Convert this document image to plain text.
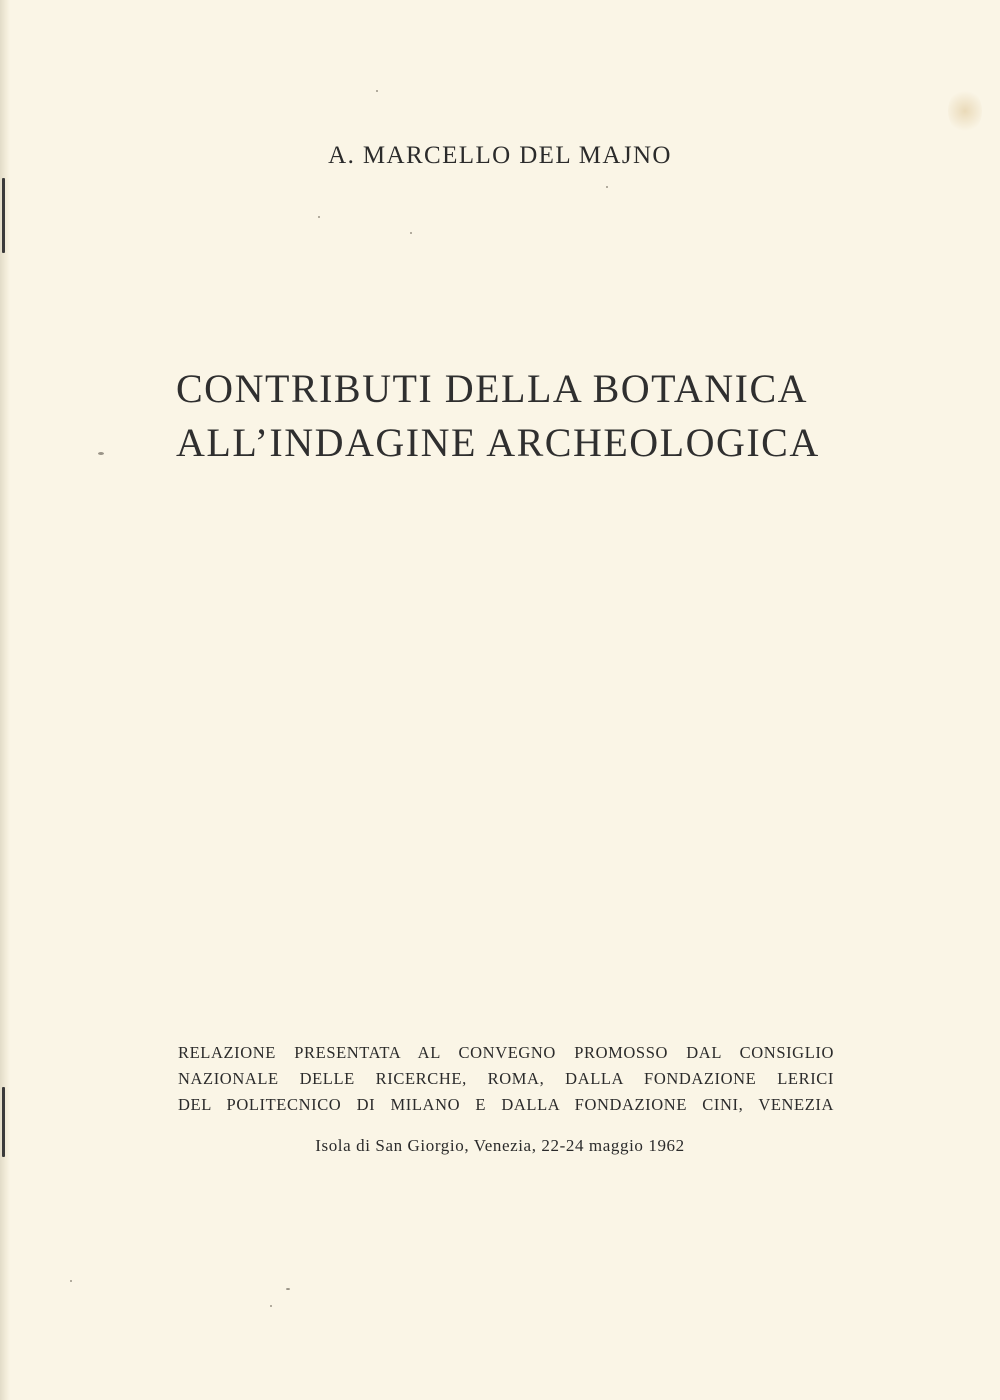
A. MARCELLO DEL MAJNO
CONTRIBUTI DELLA BOTANICA
ALL’INDAGINE ARCHEOLOGICA
RELAZIONE PRESENTATA AL CONVEGNO PROMOSSO DAL CONSIGLIO
NAZIONALE DELLE RICERCHE, ROMA, DALLA FONDAZIONE LERICI
DEL POLITECNICO DI MILANO E DALLA FONDAZIONE CINI, VENEZIA
Isola di San Giorgio, Venezia, 22-24 maggio 1962
